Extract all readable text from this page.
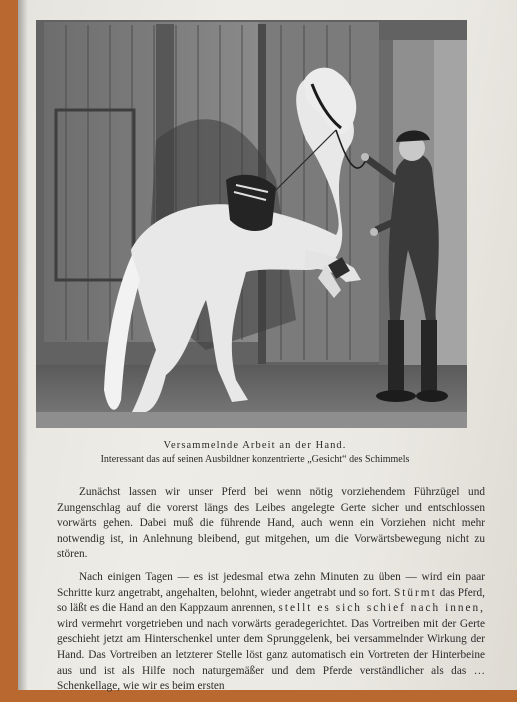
Versammelnde Arbeit an der Hand.
Interessant das auf seinen Ausbildner konzentrierte „Gesicht“ des Schimmels

Zunächst lassen wir unser Pferd bei wenn nötig vorziehendem Führzügel und Zungenschlag auf die vorerst längs des Leibes angelegte Gerte sicher und entschlossen vorwärts gehen. Dabei muß die führende Hand, auch wenn ein Vorziehen nicht mehr notwendig ist, in Anlehnung bleibend, gut mitgehen, um die Vorwärtsbewegung nicht zu stören.

Nach einigen Tagen — es ist jedesmal etwa zehn Minuten zu üben — wird ein paar Schritte kurz angetrabt, angehalten, belohnt, wieder angetrabt und so fort. Stürmt das Pferd, so läßt es die Hand an den Kappzaum anrennen, stellt es sich schief nach innen, wird vermehrt vorgetrieben und nach vorwärts geradegerichtet. Das Vortreiben mit der Gerte geschieht jetzt am Hinterschenkel unter dem Sprunggelenk, bei versammelnder Wirkung der Hand. Das Vortreiben an letzterer Stelle löst ganz automatisch ein Vortreten der Hinterbeine aus und ist als Hilfe noch naturgemäßer und dem Pferde verständlicher als das … Schenkellage, wie wir es beim ersten
